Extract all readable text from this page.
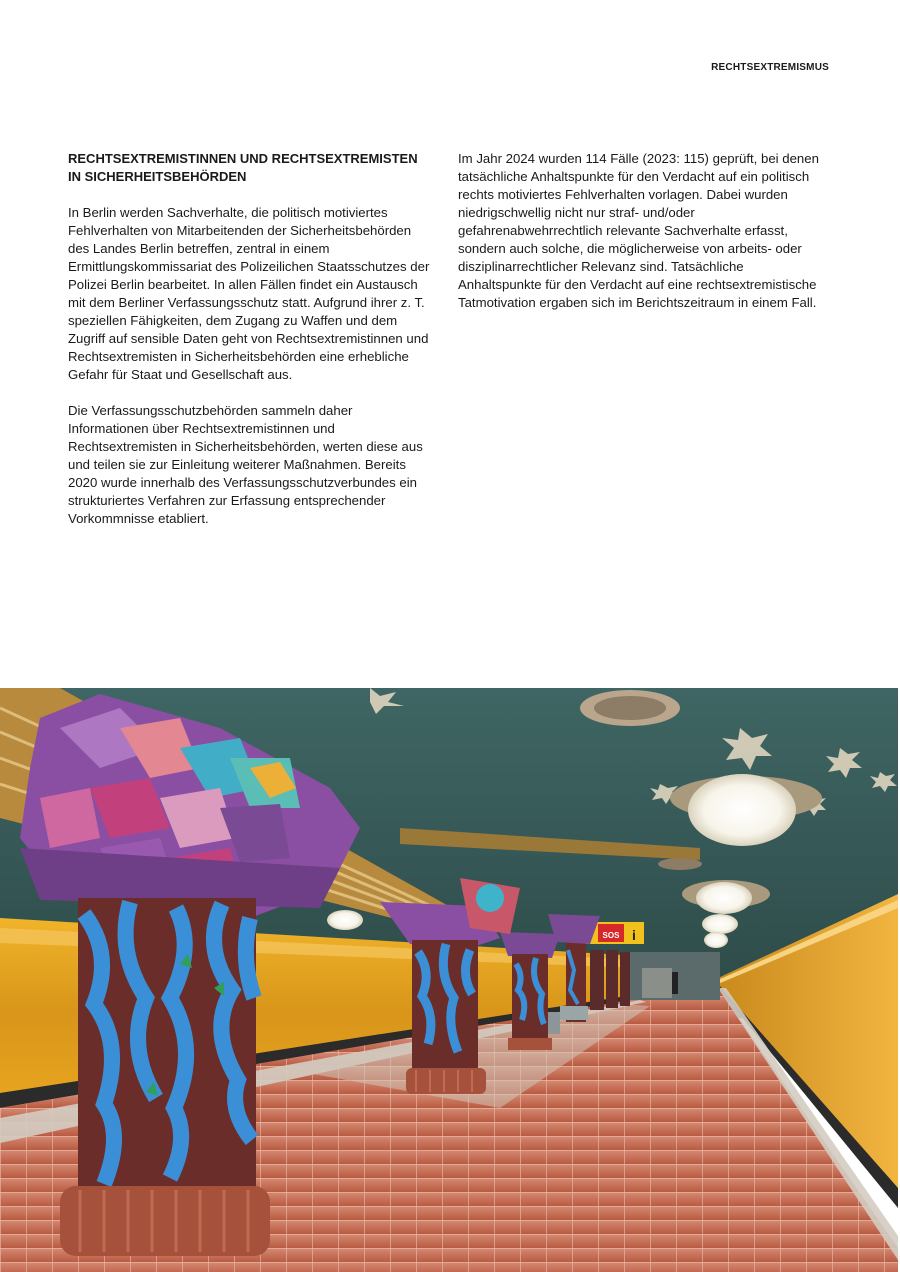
RECHTSEXTREMISMUS
RECHTSEXTREMISTINNEN UND RECHTSEXTREMISTEN IN SICHERHEITSBEHÖRDEN

In Berlin werden Sachverhalte, die politisch motiviertes Fehlverhalten von Mitarbeitenden der Sicherheitsbehörden des Landes Berlin betreffen, zentral in einem Ermittlungskommissariat des Polizeilichen Staatsschutzes der Polizei Berlin bearbeitet. In allen Fällen findet ein Austausch mit dem Berliner Verfassungsschutz statt. Aufgrund ihrer z. T. speziellen Fähigkeiten, dem Zugang zu Waffen und dem Zugriff auf sensible Daten geht von Rechtsextremistinnen und Rechtsextremisten in Sicherheitsbehörden eine erhebliche Gefahr für Staat und Gesellschaft aus.

Die Verfassungsschutzbehörden sammeln daher Informationen über Rechtsextremistinnen und Rechtsextremisten in Sicherheitsbehörden, werten diese aus und teilen sie zur Einleitung weiterer Maßnahmen. Bereits 2020 wurde innerhalb des Verfassungsschutzverbundes ein strukturiertes Verfahren zur Erfassung entsprechender Vorkommnisse etabliert.

Im Jahr 2024 wurden 114 Fälle (2023: 115) geprüft, bei denen tatsächliche Anhaltspunkte für den Verdacht auf ein politisch rechts motiviertes Fehlverhalten vorlagen. Dabei wurden niedrigschwellig nicht nur straf- und/oder gefahrenabwehrrechtlich relevante Sachverhalte erfasst, sondern auch solche, die möglicherweise von arbeits- oder disziplinarrechtlicher Relevanz sind. Tatsächliche Anhaltspunkte für den Verdacht auf eine rechtsextremistische Tatmotivation ergaben sich im Berichtszeitraum in einem Fall.

SOS i
